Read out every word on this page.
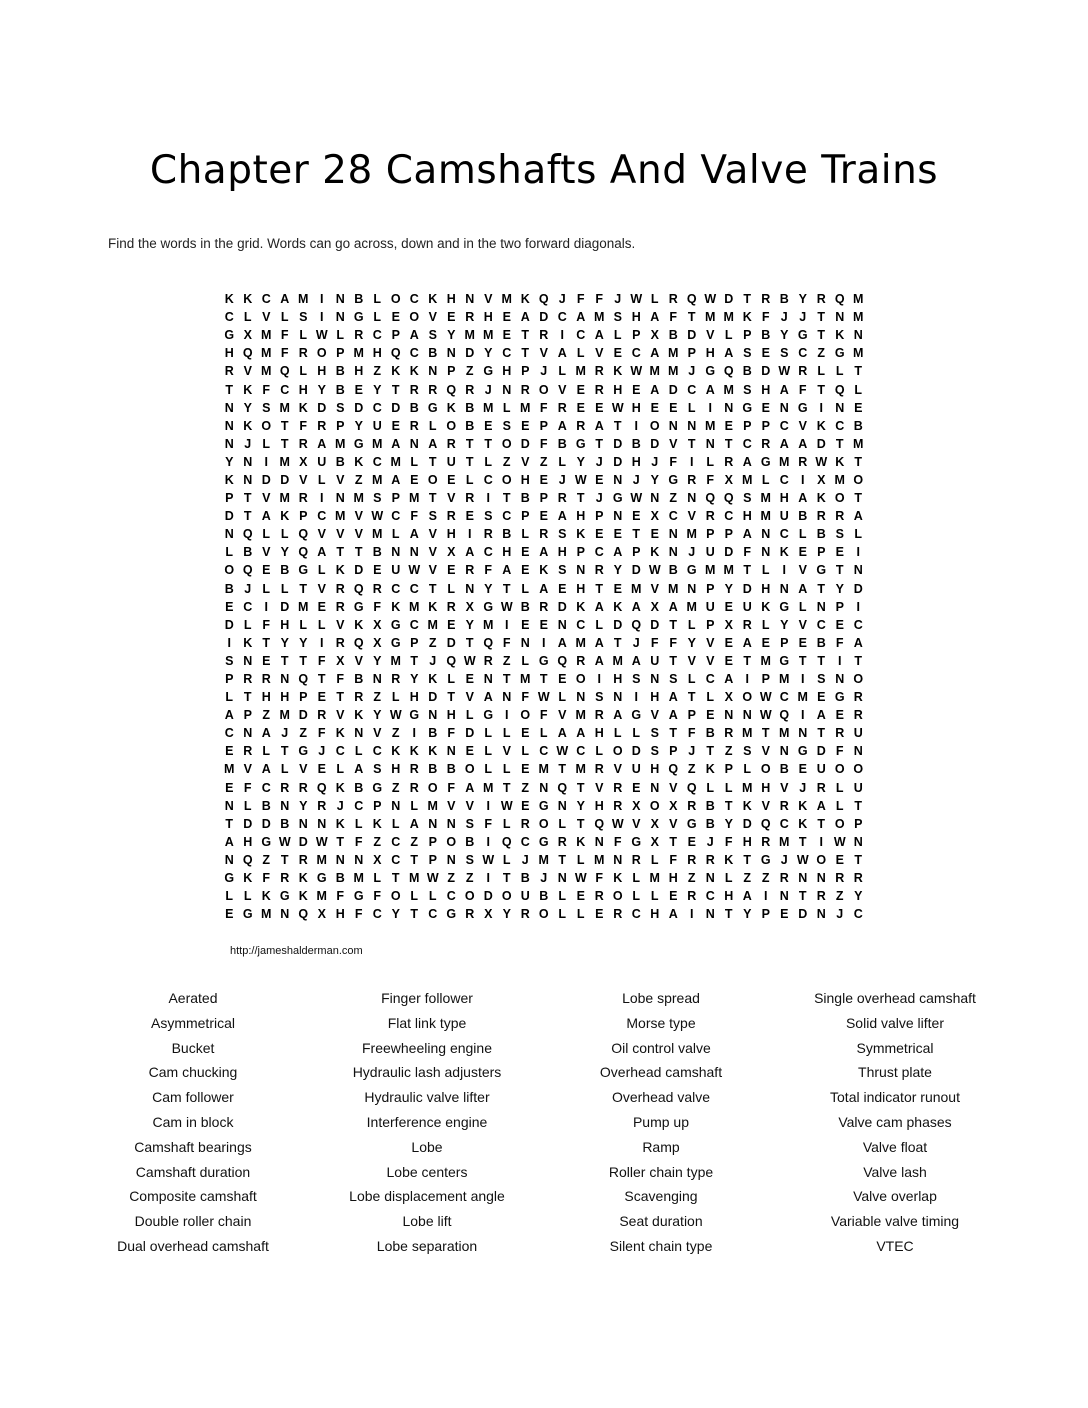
Chapter 28 Camshafts And Valve Trains
Find the words in the grid. Words can go across, down and in the two forward diagonals.
K K C A M I N B L O C K H N V M K Q J F F J W L R Q W D T R B Y R Q M
C L V L S	I N G L E O V E R H E A D C A M S H A F T M M K F J J T N M
G X M F L W L R C P A S Y M M E T R I C A L P X B D V L P B Y G T K N
H Q M F R O P M H Q C B N D Y C T V A L V E C A M P H A S E S C Z G M
R V M Q L H B H Z K K N P Z G H P J L M R K W M M J G Q B D W R L L T
T K F C H Y B E Y T R R Q R J N R O V E R H E A D C A M S H A F T Q L
N Y S M K D S D C D B G K B M L M F R E E W H E E L	I N G E N G I N E
N K O T F R P Y U E R L O B E S E P A R A T	I O N N M E P P C V K C B
N J L T R A M G M A N A R T T O D F B G T D B D V T N T C R A A D T M
Y N I M X U B K C M L T U T L Z V Z L Y J D H J F	I	L R A G M R W K T
K N D D V L V Z M A E O E L C O H E J W E N J Y G R F X M L C I	X M O
P T V M R I N M S P M T V R I	T B P R T J G W N Z N Q Q S M H A K O T
D T A K P C M V W C F S R E S C P E A H P N E X C V R C H M U B R R A
N Q L L Q V V V M L A V H I R B L R S K E E T E N M P P A N C L B S L
L B V Y Q A T T B N N V X A C H E A H P C A P K N J U D F N K E P E	I
O Q E B G L K D E U W V E R F A E K S N R Y D W B G M M T L	I	V G T N
B J L L T V R Q R C C T L N Y T L A E H T E M V M N P Y D H N A T Y D
E C I D M E R G F K M K R X G W B R D K A K A X A M U E U K G L N P	I
D L F H L L V K X G C M E Y M I	E E N C L D Q D T L P X R L Y V C E C
I K T Y Y	I R Q X G P Z D T Q F N I A M A T J F F Y V E A E P E B F A
S N E T T F X V Y M T J Q W R Z L G Q R A M A U T V V E T M G T T	I	T
P R R N Q T F B N R Y K L E N T M T E O I H S N S L C A I	P M I	S N O
L T H H P E T R Z L H D T V A N F W L N S N I H A T L X O W C M E G R
A P Z M D R V K Y W G N H L G I O F V M R A G V A P E N N W Q I A E R
C N A J Z F K N V Z	I B F D L L E L A A H L L S T F B R M T M N T R U
E R L T G J C L C K K K N E L V L C W C L O D S P J T Z S V N G D F N
M V A L V E L A S H R B B O L L E M T M R V U H Q Z K P L O B E U O O
E F C R R Q K B G Z R O F A M T Z N Q T V R E N V Q L L M H V J R L U
N L B N Y R J C P N L M V V	I W E G N Y H R X O X R B T K V R K A L T
T D D B N N K L K L A N N S F L R O L T Q W V X V G B Y D Q C K T O P
A H G W D W T F Z C Z P O B I Q C G R K N F G X T E J F H R M T	I W N
N Q Z T R M N N X C T P N S W L J M T L M N R L F R R K T G J W O E T
G K F R K G B M L T M W Z Z	I	T B J N W F K L M H Z N L Z Z R N N R R
L L K G K M F G F O L L C O D O U B L E R O L L E R C H A I N T R Z Y
E G M N Q X H F C Y T C G R X Y R O L L E R C H A I N T Y P E D N J C
http://jameshalderman.com
Aerated
Asymmetrical
Bucket
Cam chucking
Cam follower
Cam in block
Camshaft bearings
Camshaft duration
Composite camshaft
Double roller chain
Dual overhead camshaft
Finger follower
Flat link type
Freewheeling engine
Hydraulic lash adjusters
Hydraulic valve lifter
Interference engine
Lobe
Lobe centers
Lobe displacement angle
Lobe lift
Lobe separation
Lobe spread
Morse type
Oil control valve
Overhead camshaft
Overhead valve
Pump up
Ramp
Roller chain type
Scavenging
Seat duration
Silent chain type
Single overhead camshaft
Solid valve lifter
Symmetrical
Thrust plate
Total indicator runout
Valve cam phases
Valve float
Valve lash
Valve overlap
Variable valve timing
VTEC
